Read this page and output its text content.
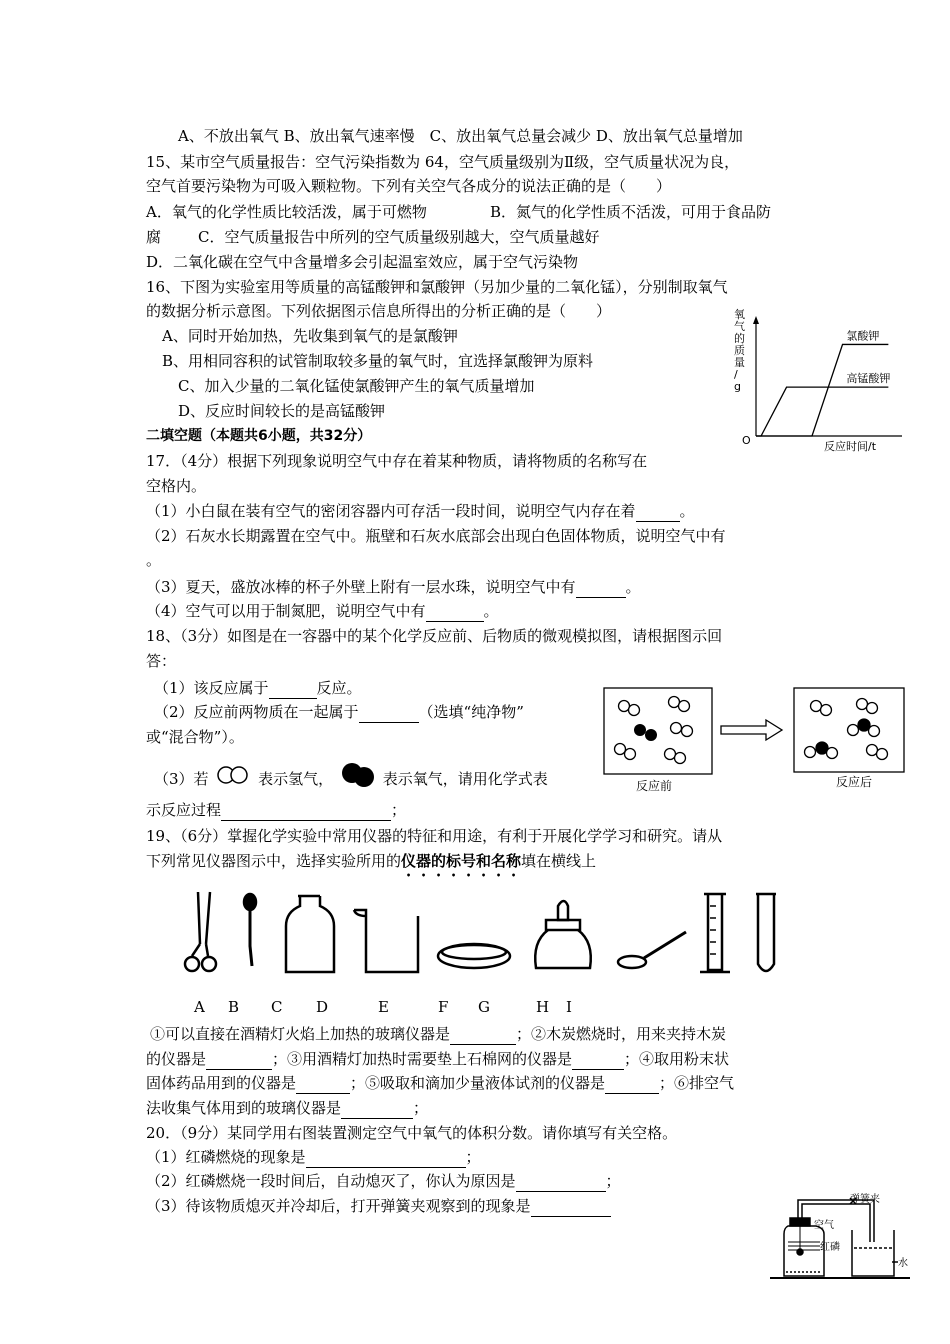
A、不放出氧气 B、放出氧气速率慢　C、放出氧气总量会减少 D、放出氧气总量增加
15、某市空气质量报告：空气污染指数为 64，空气质量级别为Ⅱ级，空气质量状况为良，
空气首要污染物为可吸入颗粒物。下列有关空气各成分的说法正确的是（　　）
A．氧气的化学性质比较活泼，属于可燃物	B．氮气的化学性质不活泼，可用于食品防
腐 C．空气质量报告中所列的空气质量级别越大，空气质量越好
D．二氧化碳在空气中含量增多会引起温室效应，属于空气污染物
16、下图为实验室用等质量的高锰酸钾和氯酸钾（另加少量的二氧化锰），分别制取氧气
的数据分析示意图。下列依据图示信息所得出的分析正确的是（　　）
A、同时开始加热，先收集到氧气的是氯酸钾
B、用相同容积的试管制取较多量的氧气时，宜选择氯酸钾为原料
C、加入少量的二氧化锰使氯酸钾产生的氧气质量增加
D、反应时间较长的是高锰酸钾
氧
气
的
质
量
/
g
O	反应时间/t
氯酸钾
高锰酸钾
二填空题（本题共6小题，共32分）
17．（4分）根据下列现象说明空气中存在着某种物质，请将物质的名称写在
空格内。
（1）小白鼠在装有空气的密闭容器内可存活一段时间，说明空气内存在着	。
（2）石灰水长期露置在空气中。瓶壁和石灰水底部会出现白色固体物质，说明空气中有
。
（3）夏天，盛放冰棒的杯子外壁上附有一层水珠，说明空气中有	。
（4）空气可以用于制氮肥，说明空气中有	。
18、（3分）如图是在一容器中的某个化学反应前、后物质的微观模拟图，请根据图示回
答：
（1）该反应属于	反应。
（2）反应前两物质在一起属于	（选填“纯净物”
或“混合物”）。
（3）若	表示氢气，	表示氧气，请用化学式表
示反应过程	；
反应前	反应后
19、（6分）掌握化学实验中常用仪器的特征和用途，有利于开展化学学习和研究。请从
下列常见仪器图示中，选择实验所用的仪器的标号和名称填在横线上
A B C D	E	F G	H I
①可以直接在酒精灯火焰上加热的玻璃仪器是	；②木炭燃烧时，用来夹持木炭
的仪器是	；③用酒精灯加热时需要垫上石棉网的仪器是	；④取用粉末状
固体药品用到的仪器是	；⑤吸取和滴加少量液体试剂的仪器是	；⑥排空气
法收集气体用到的玻璃仪器是	；
20．（9分）某同学用右图装置测定空气中氧气的体积分数。请你填写有关空格。
（1）红磷燃烧的现象是	；
（2）红磷燃烧一段时间后，自动熄灭了，你认为原因是	；
（3）待该物质熄灭并冷却后，打开弹簧夹观察到的现象是	弹簧夹
空气
红磷
水
